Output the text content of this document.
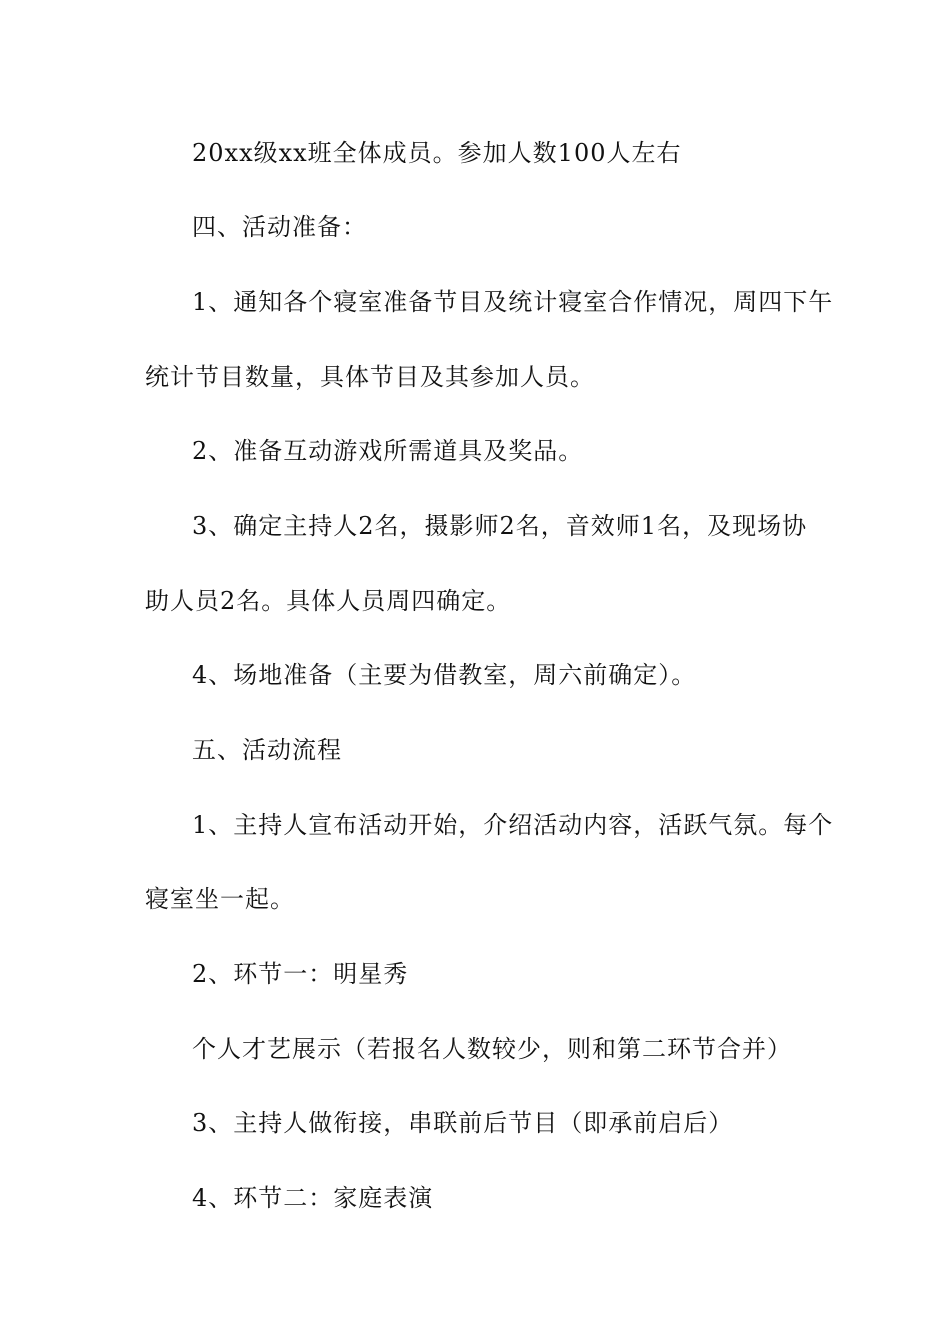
20xx级xx班全体成员。参加人数100人左右

四、活动准备：

1、通知各个寝室准备节目及统计寝室合作情况，周四下午

统计节目数量，具体节目及其参加人员。

2、准备互动游戏所需道具及奖品。

3、确定主持人2名，摄影师2名，音效师1名，及现场协

助人员2名。具体人员周四确定。

4、场地准备（主要为借教室，周六前确定）。

五、活动流程

1、主持人宣布活动开始，介绍活动内容，活跃气氛。每个

寝室坐一起。

2、环节一：明星秀

个人才艺展示（若报名人数较少，则和第二环节合并）

3、主持人做衔接，串联前后节目（即承前启后）

4、环节二：家庭表演
